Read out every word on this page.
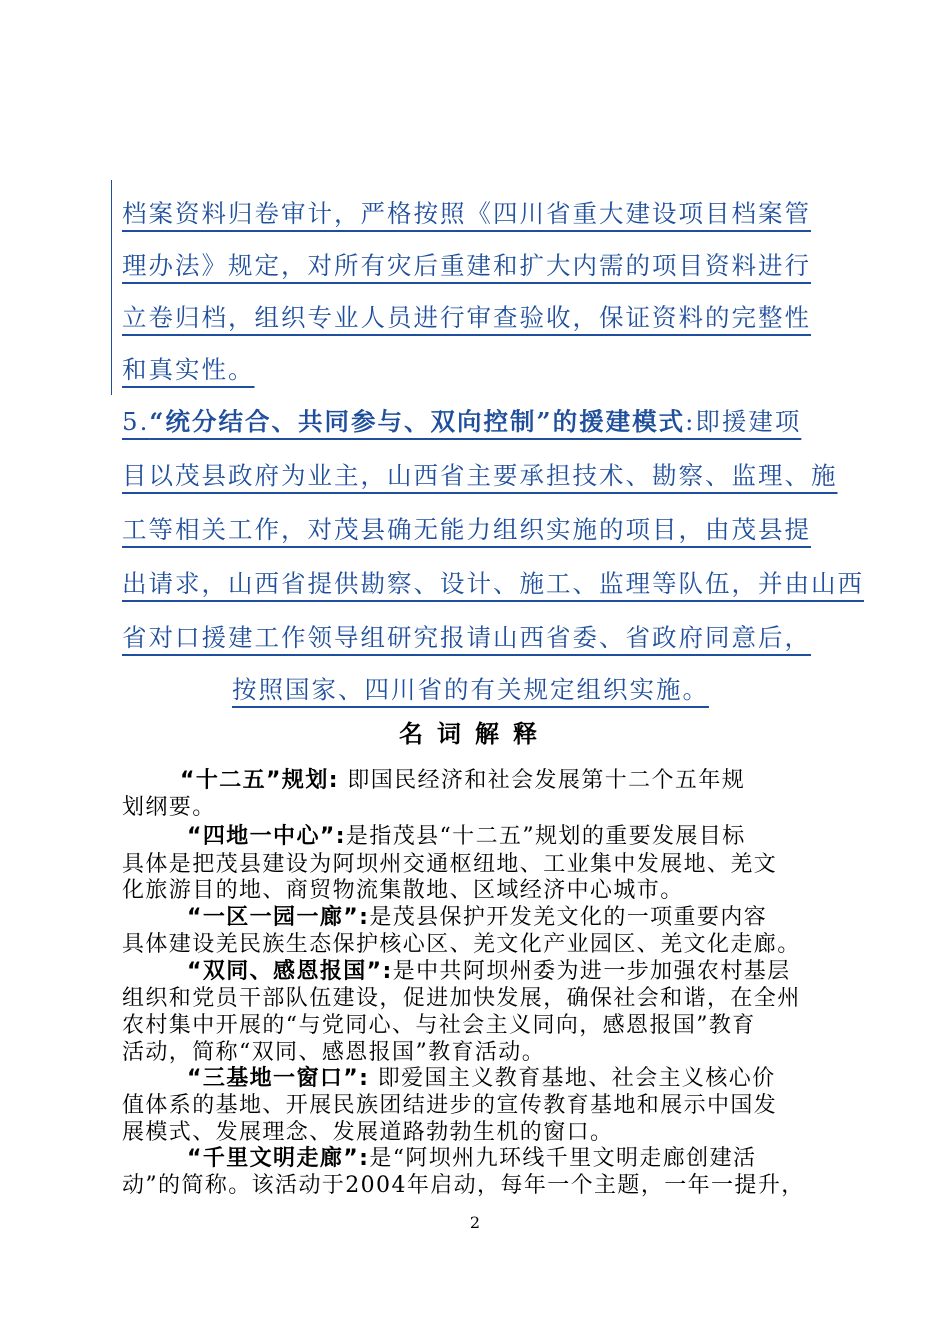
档案资料归卷审计，严格按照《四川省重大建设项目档案管
理办法》规定，对所有灾后重建和扩大内需的项目资料进行
立卷归档，组织专业人员进行审查验收，保证资料的完整性
和真实性。
5.“统分结合、共同参与、双向控制”的援建模式:即援建项
目以茂县政府为业主，山西省主要承担技术、勘察、监理、施
工等相关工作，对茂县确无能力组织实施的项目，由茂县提
出请求，山西省提供勘察、设计、施工、监理等队伍，并由山西
省对口援建工作领导组研究报请山西省委、省政府同意后，
按照国家、四川省的有关规定组织实施。
名词解释
“十二五”规划: 即国民经济和社会发展第十二个五年规
划纲要。
“四地一中心”:是指茂县“十二五”规划的重要发展目标
具体是把茂县建设为阿坝州交通枢纽地、工业集中发展地、羌文
化旅游目的地、商贸物流集散地、区域经济中心城市。
“一区一园一廊”:是茂县保护开发羌文化的一项重要内容
具体建设羌民族生态保护核心区、羌文化产业园区、羌文化走廊。
“双同、感恩报国”:是中共阿坝州委为进一步加强农村基层
组织和党员干部队伍建设，促进加快发展，确保社会和谐，在全州
农村集中开展的“与党同心、与社会主义同向，感恩报国”教育
活动，简称“双同、感恩报国”教育活动。
“三基地一窗口”: 即爱国主义教育基地、社会主义核心价
值体系的基地、开展民族团结进步的宣传教育基地和展示中国发
展模式、发展理念、发展道路勃勃生机的窗口。
“千里文明走廊”:是“阿坝州九环线千里文明走廊创建活
动”的简称。该活动于2004年启动，每年一个主题，一年一提升，
2
